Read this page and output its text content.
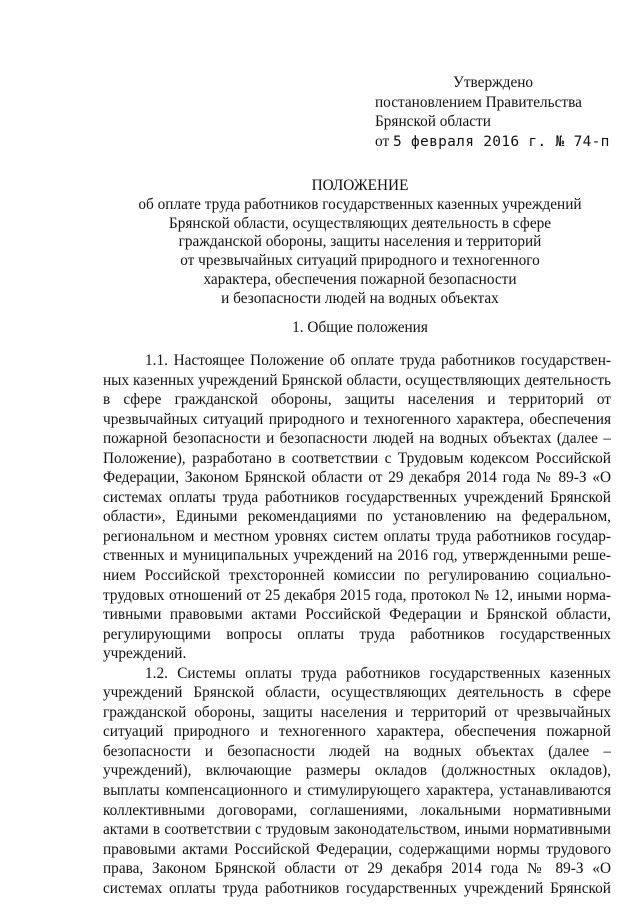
Утверждено
постановлением Правительства
Брянской области
от 5 февраля 2016 г. № 74-п
ПОЛОЖЕНИЕ
об оплате труда работников государственных казенных учреждений
Брянской области, осуществляющих деятельность в сфере
гражданской обороны, защиты населения и территорий
от чрезвычайных ситуаций природного и техногенного
характера, обеспечения пожарной безопасности
и безопасности людей на водных объектах
1. Общие положения
1.1. Настоящее Положение об оплате труда работников государствен-
ных казенных учреждений Брянской области, осуществляющих деятельность
в сфере гражданской обороны, защиты населения и территорий от
чрезвычайных ситуаций природного и техногенного характера, обеспечения
пожарной безопасности и безопасности людей на водных объектах (далее –
Положение), разработано в соответствии с Трудовым кодексом Российской
Федерации, Законом Брянской области от 29 декабря 2014 года № 89-З «О
системах оплаты труда работников государственных учреждений Брянской
области», Едиными рекомендациями по установлению на федеральном,
региональном и местном уровнях систем оплаты труда работников государ-
ственных и муниципальных учреждений на 2016 год, утвержденными реше-
нием Российской трехсторонней комиссии по регулированию социально-
трудовых отношений от 25 декабря 2015 года, протокол № 12, иными норма-
тивными правовыми актами Российской Федерации и Брянской области,
регулирующими вопросы оплаты труда работников государственных
учреждений.
1.2. Системы оплаты труда работников государственных казенных
учреждений Брянской области, осуществляющих деятельность в сфере
гражданской обороны, защиты населения и территорий от чрезвычайных
ситуаций природного и техногенного характера, обеспечения пожарной
безопасности и безопасности людей на водных объектах (далее –
учреждений), включающие размеры окладов (должностных окладов),
выплаты компенсационного и стимулирующего характера, устанавливаются
коллективными договорами, соглашениями, локальными нормативными
актами в соответствии с трудовым законодательством, иными нормативными
правовыми актами Российской Федерации, содержащими нормы трудового
права, Законом Брянской области от 29 декабря 2014 года № 89-З «О
системах оплаты труда работников государственных учреждений Брянской
